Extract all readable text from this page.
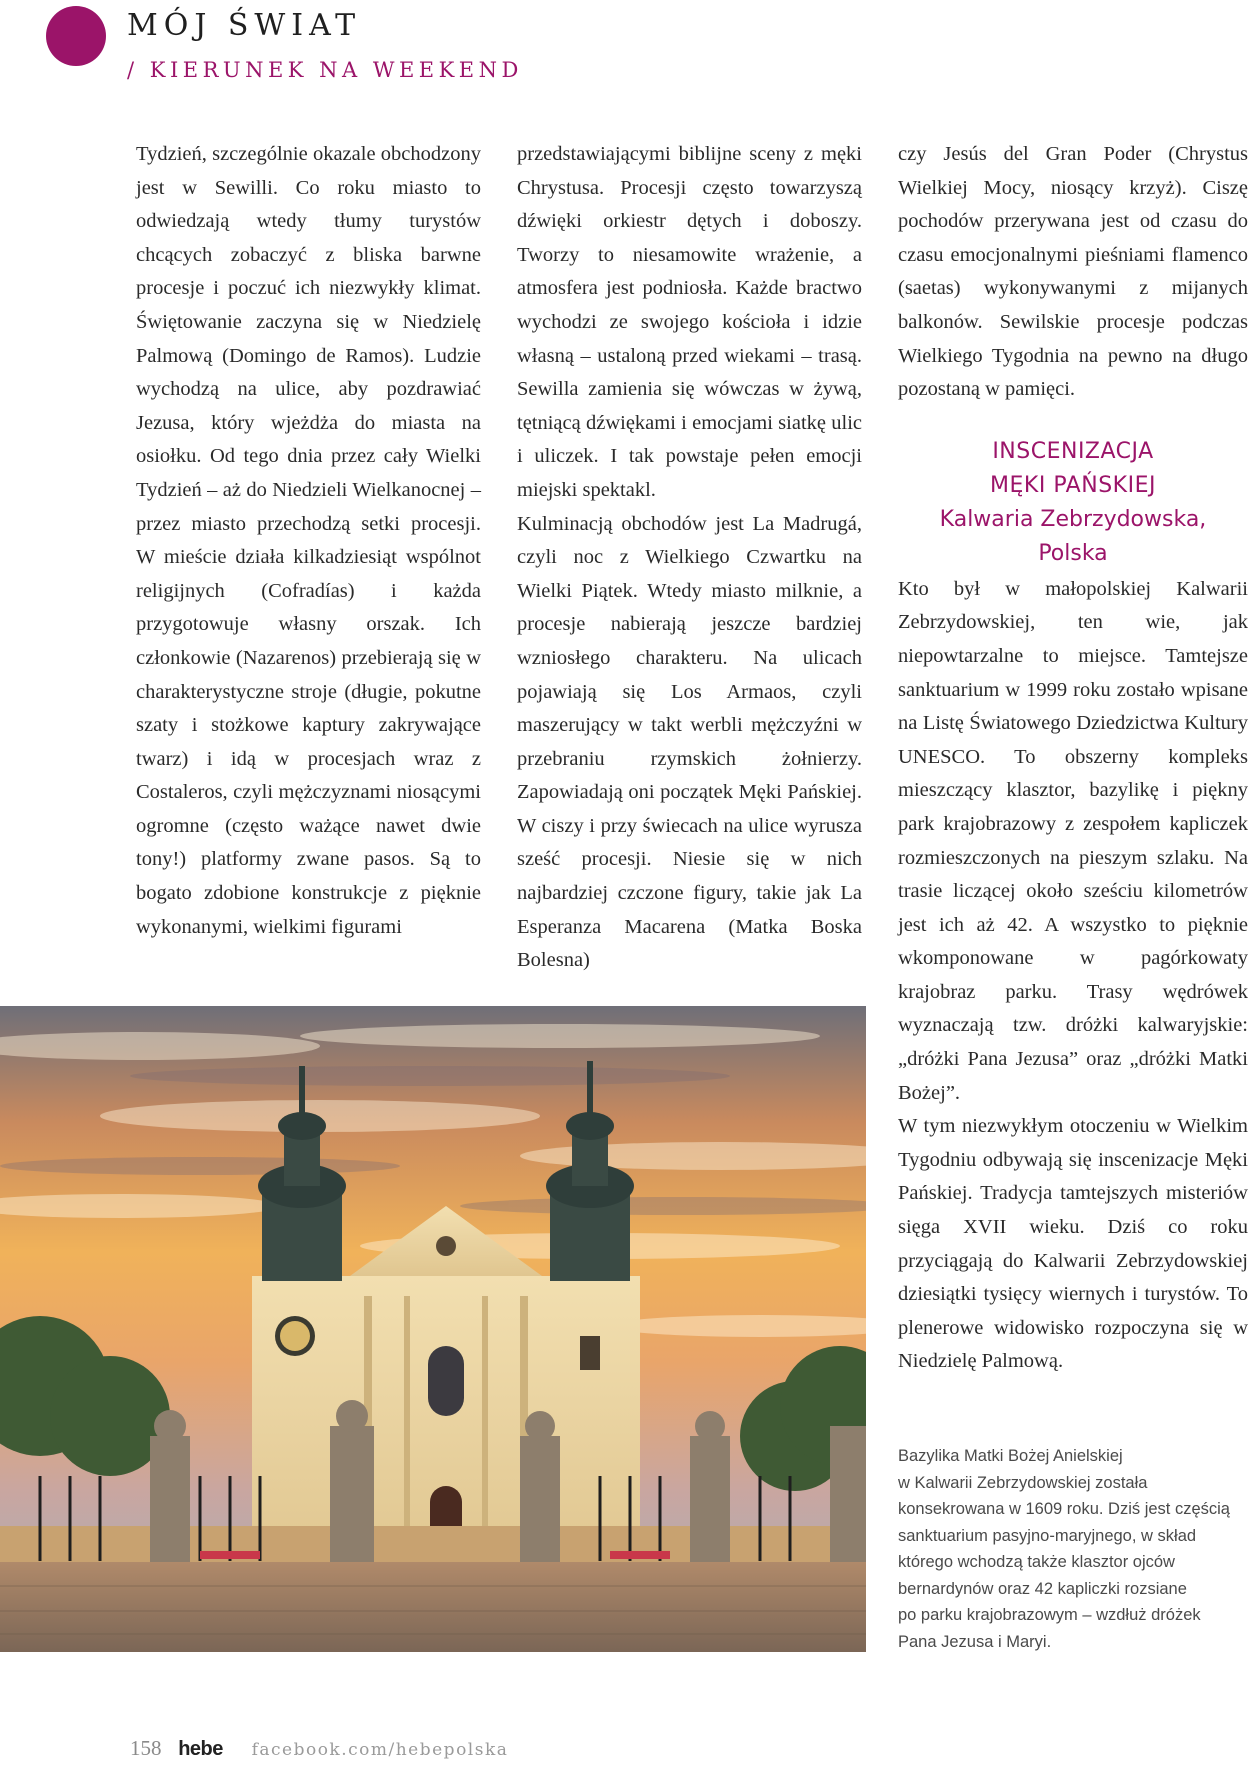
MÓJ ŚWIAT
/ KIERUNEK NA WEEKEND

Tydzień, szczególnie okazale obchodzony jest w Sewilli. Co roku miasto to odwiedzają wtedy tłumy turystów chcących zobaczyć z bliska barwne procesje i poczuć ich niezwykły klimat. Świętowanie zaczyna się w Niedzielę Palmową (Domingo de Ramos). Ludzie wychodzą na ulice, aby pozdrawiać Jezusa, który wjeżdża do miasta na osiołku. Od tego dnia przez cały Wielki Tydzień – aż do Niedzieli Wielkanocnej – przez miasto przechodzą setki procesji. W mieście działa kilkadziesiąt wspólnot religijnych (Cofradías) i każda przygotowuje własny orszak. Ich członkowie (Nazarenos) przebierają się w charakterystyczne stroje (długie, pokutne szaty i stożkowe kaptury zakrywające twarz) i idą w procesjach wraz z Costaleros, czyli mężczyznami niosącymi ogromne (często ważące nawet dwie tony!) platformy zwane pasos. Są to bogato zdobione konstrukcje z pięknie wykonanymi, wielkimi figurami

przedstawiającymi biblijne sceny z męki Chrystusa. Procesji często towarzyszą dźwięki orkiestr dętych i doboszy. Tworzy to niesamowite wrażenie, a atmosfera jest podniosła. Każde bractwo wychodzi ze swojego kościoła i idzie własną – ustaloną przed wiekami – trasą. Sewilla zamienia się wówczas w żywą, tętniącą dźwiękami i emocjami siatkę ulic i uliczek. I tak powstaje pełen emocji miejski spektakl.

Kulminacją obchodów jest La Madrugá, czyli noc z Wielkiego Czwartku na Wielki Piątek. Wtedy miasto milknie, a procesje nabierają jeszcze bardziej wzniosłego charakteru. Na ulicach pojawiają się Los Armaos, czyli maszerujący w takt werbli mężczyźni w przebraniu rzymskich żołnierzy. Zapowiadają oni początek Męki Pańskiej. W ciszy i przy świecach na ulice wyrusza sześć procesji. Niesie się w nich najbardziej czczone figury, takie jak La Esperanza Macarena (Matka Boska Bolesna)

czy Jesús del Gran Poder (Chrystus Wielkiej Mocy, niosący krzyż). Ciszę pochodów przerywana jest od czasu do czasu emocjonalnymi pieśniami flamenco (saetas) wykonywanymi z mijanych balkonów. Sewilskie procesje podczas Wielkiego Tygodnia na pewno na długo pozostaną w pamięci.

INSCENIZACJA
MĘKI PAŃSKIEJ
Kalwaria Zebrzydowska,
Polska

Kto był w małopolskiej Kalwarii Zebrzydowskiej, ten wie, jak niepowtarzalne to miejsce. Tamtejsze sanktuarium w 1999 roku zostało wpisane na Listę Światowego Dziedzictwa Kultury UNESCO. To obszerny kompleks mieszczący klasztor, bazylikę i piękny park krajobrazowy z zespołem kapliczek rozmieszczonych na pieszym szlaku. Na trasie liczącej około sześciu kilometrów jest ich aż 42. A wszystko to pięknie wkomponowane w pagórkowaty krajobraz parku. Trasy wędrówek wyznaczają tzw. dróżki kalwaryjskie: „dróżki Pana Jezusa” oraz „dróżki Matki Bożej”.

W tym niezwykłym otoczeniu w Wielkim Tygodniu odbywają się inscenizacje Męki Pańskiej. Tradycja tamtejszych misteriów sięga XVII wieku. Dziś co roku przyciągają do Kalwarii Zebrzydowskiej dziesiątki tysięcy wiernych i turystów. To plenerowe widowisko rozpoczyna się w Niedzielę Palmową.

Bazylika Matki Bożej Anielskiej
w Kalwarii Zebrzydowskiej została
konsekrowana w 1609 roku. Dziś jest częścią
sanktuarium pasyjno-maryjnego, w skład
którego wchodzą także klasztor ojców
bernardynów oraz 42 kapliczki rozsiane
po parku krajobrazowym – wzdłuż dróżek
Pana Jezusa i Maryi.
158 hebe facebook.com/hebepolska
